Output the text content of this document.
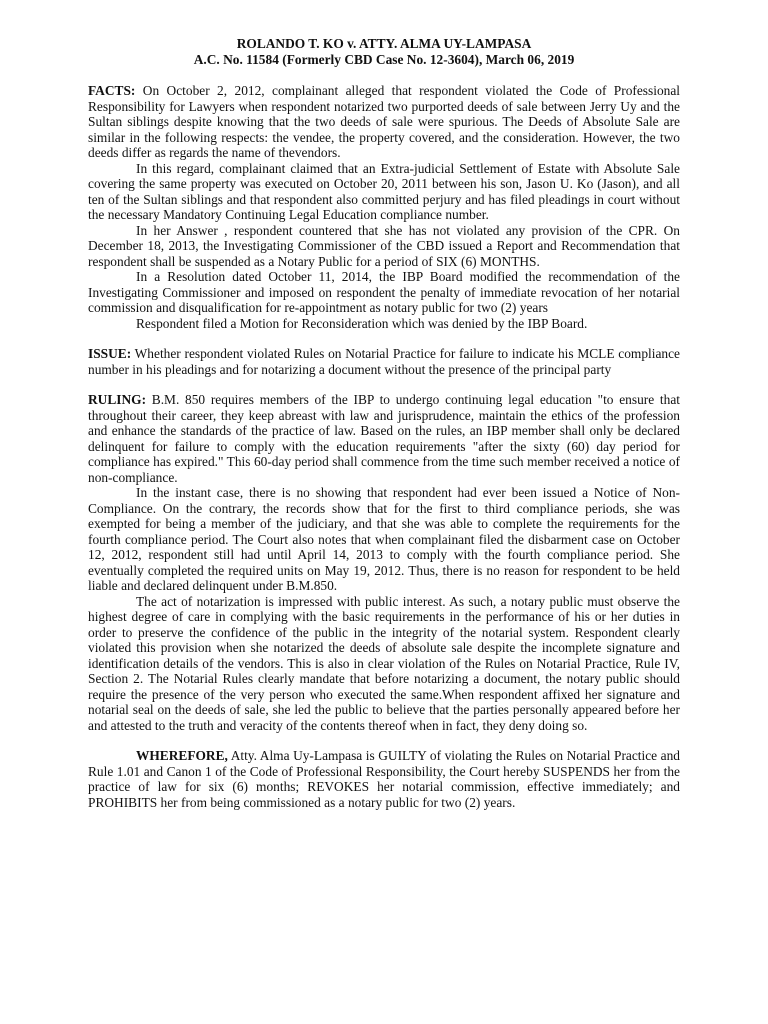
ROLANDO T. KO v. ATTY. ALMA UY-LAMPASA

A.C. No. 11584 (Formerly CBD Case No. 12-3604), March 06, 2019

FACTS: On October 2, 2012, complainant alleged that respondent violated the Code of Professional Responsibility for Lawyers when respondent notarized two purported deeds of sale between Jerry Uy and the Sultan siblings despite knowing that the two deeds of sale were spurious. The Deeds of Absolute Sale are similar in the following respects: the vendee, the property covered, and the consideration. However, the two deeds differ as regards the name of thevendors.

In this regard, complainant claimed that an Extra-judicial Settlement of Estate with Absolute Sale covering the same property was executed on October 20, 2011 between his son, Jason U. Ko (Jason), and all ten of the Sultan siblings and that respondent also committed perjury and has filed pleadings in court without the necessary Mandatory Continuing Legal Education compliance number.

In her Answer , respondent countered that she has not violated any provision of the CPR. On December 18, 2013, the Investigating Commissioner of the CBD issued a Report and Recommendation that respondent shall be suspended as a Notary Public for a period of SIX (6) MONTHS.

In a Resolution dated October 11, 2014, the IBP Board modified the recommendation of the Investigating Commissioner and imposed on respondent the penalty of immediate revocation of her notarial commission and disqualification for re-appointment as notary public for two (2) years

Respondent filed a Motion for Reconsideration which was denied by the IBP Board.

ISSUE: Whether respondent violated Rules on Notarial Practice for failure to indicate his MCLE compliance number in his pleadings and for notarizing a document without the presence of the principal party

RULING: B.M. 850 requires members of the IBP to undergo continuing legal education "to ensure that throughout their career, they keep abreast with law and jurisprudence, maintain the ethics of the profession and enhance the standards of the practice of law. Based on the rules, an IBP member shall only be declared delinquent for failure to comply with the education requirements "after the sixty (60) day period for compliance has expired." This 60-day period shall commence from the time such member received a notice of non-compliance.

In the instant case, there is no showing that respondent had ever been issued a Notice of Non-Compliance. On the contrary, the records show that for the first to third compliance periods, she was exempted for being a member of the judiciary, and that she was able to complete the requirements for the fourth compliance period. The Court also notes that when complainant filed the disbarment case on October 12, 2012, respondent still had until April 14, 2013 to comply with the fourth compliance period. She eventually completed the required units on May 19, 2012. Thus, there is no reason for respondent to be held liable and declared delinquent under B.M.850.

The act of notarization is impressed with public interest. As such, a notary public must observe the highest degree of care in complying with the basic requirements in the performance of his or her duties in order to preserve the confidence of the public in the integrity of the notarial system. Respondent clearly violated this provision when she notarized the deeds of absolute sale despite the incomplete signature and identification details of the vendors. This is also in clear violation of the Rules on Notarial Practice, Rule IV, Section 2. The Notarial Rules clearly mandate that before notarizing a document, the notary public should require the presence of the very person who executed the same.When respondent affixed her signature and notarial seal on the deeds of sale, she led the public to believe that the parties personally appeared before her and attested to the truth and veracity of the contents thereof when in fact, they deny doing so.

WHEREFORE, Atty. Alma Uy-Lampasa is GUILTY of violating the Rules on Notarial Practice and Rule 1.01 and Canon 1 of the Code of Professional Responsibility, the Court hereby SUSPENDS her from the practice of law for six (6) months; REVOKES her notarial commission, effective immediately; and PROHIBITS her from being commissioned as a notary public for two (2) years.
